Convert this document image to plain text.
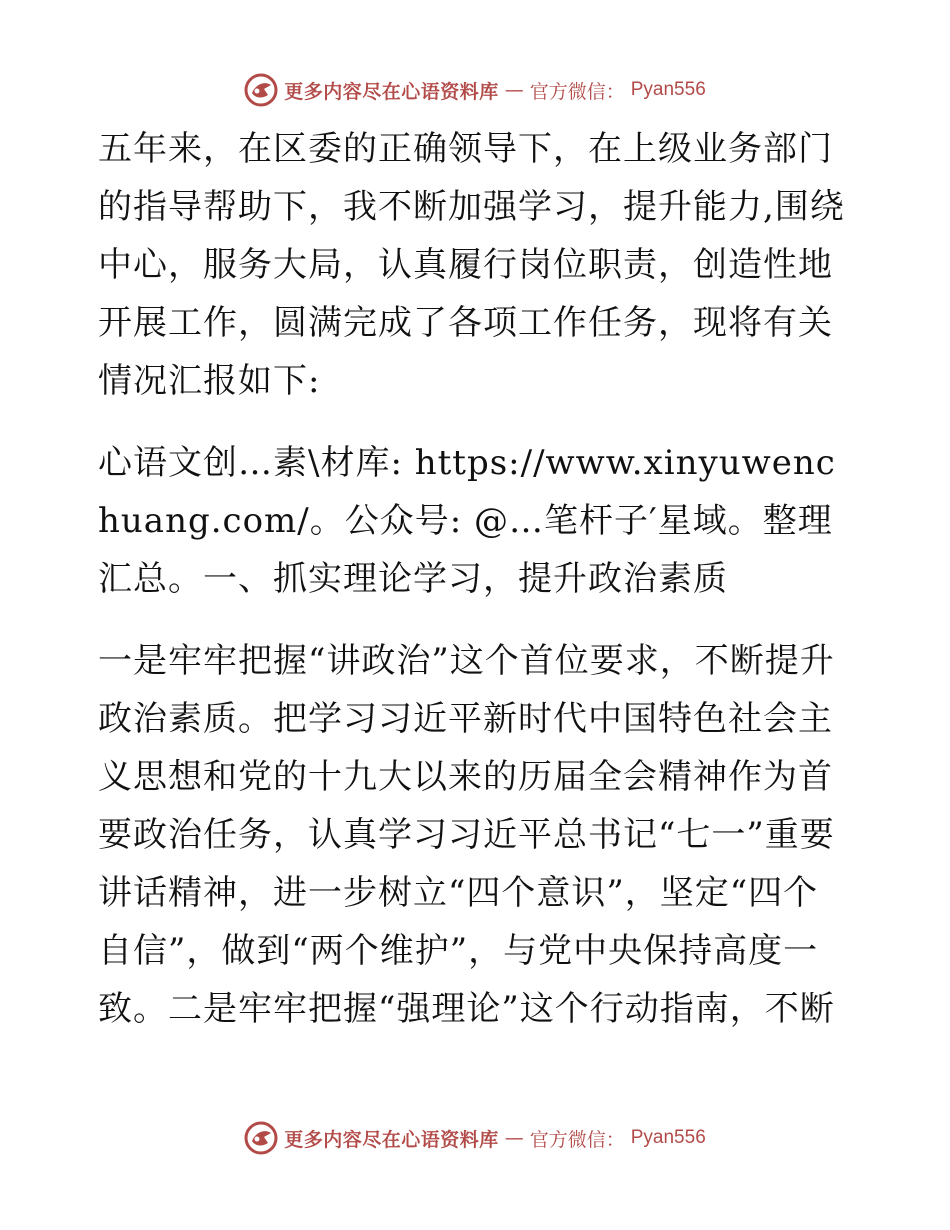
更多内容尽在心语资料库 — 官方微信： Pyan556

五年来，在区委的正确领导下，在上级业务部门的指导帮助下，我不断加强学习，提升能力,围绕中心，服务大局，认真履行岗位职责，创造性地开展工作，圆满完成了各项工作任务，现将有关情况汇报如下:

心语文创…素\材库: https://www.xinyuwenchuang.com/。公众号: @…笔杆子′星域。整理汇总。一、抓实理论学习，提升政治素质

一是牢牢把握“讲政治”这个首位要求，不断提升政治素质。把学习习近平新时代中国特色社会主义思想和党的十九大以来的历届全会精神作为首要政治任务，认真学习习近平总书记“七一”重要讲话精神，进一步树立“四个意识”，坚定“四个自信”，做到“两个维护”，与党中央保持高度一致。二是牢牢把握“强理论”这个行动指南，不断

更多内容尽在心语资料库 — 官方微信： Pyan556
